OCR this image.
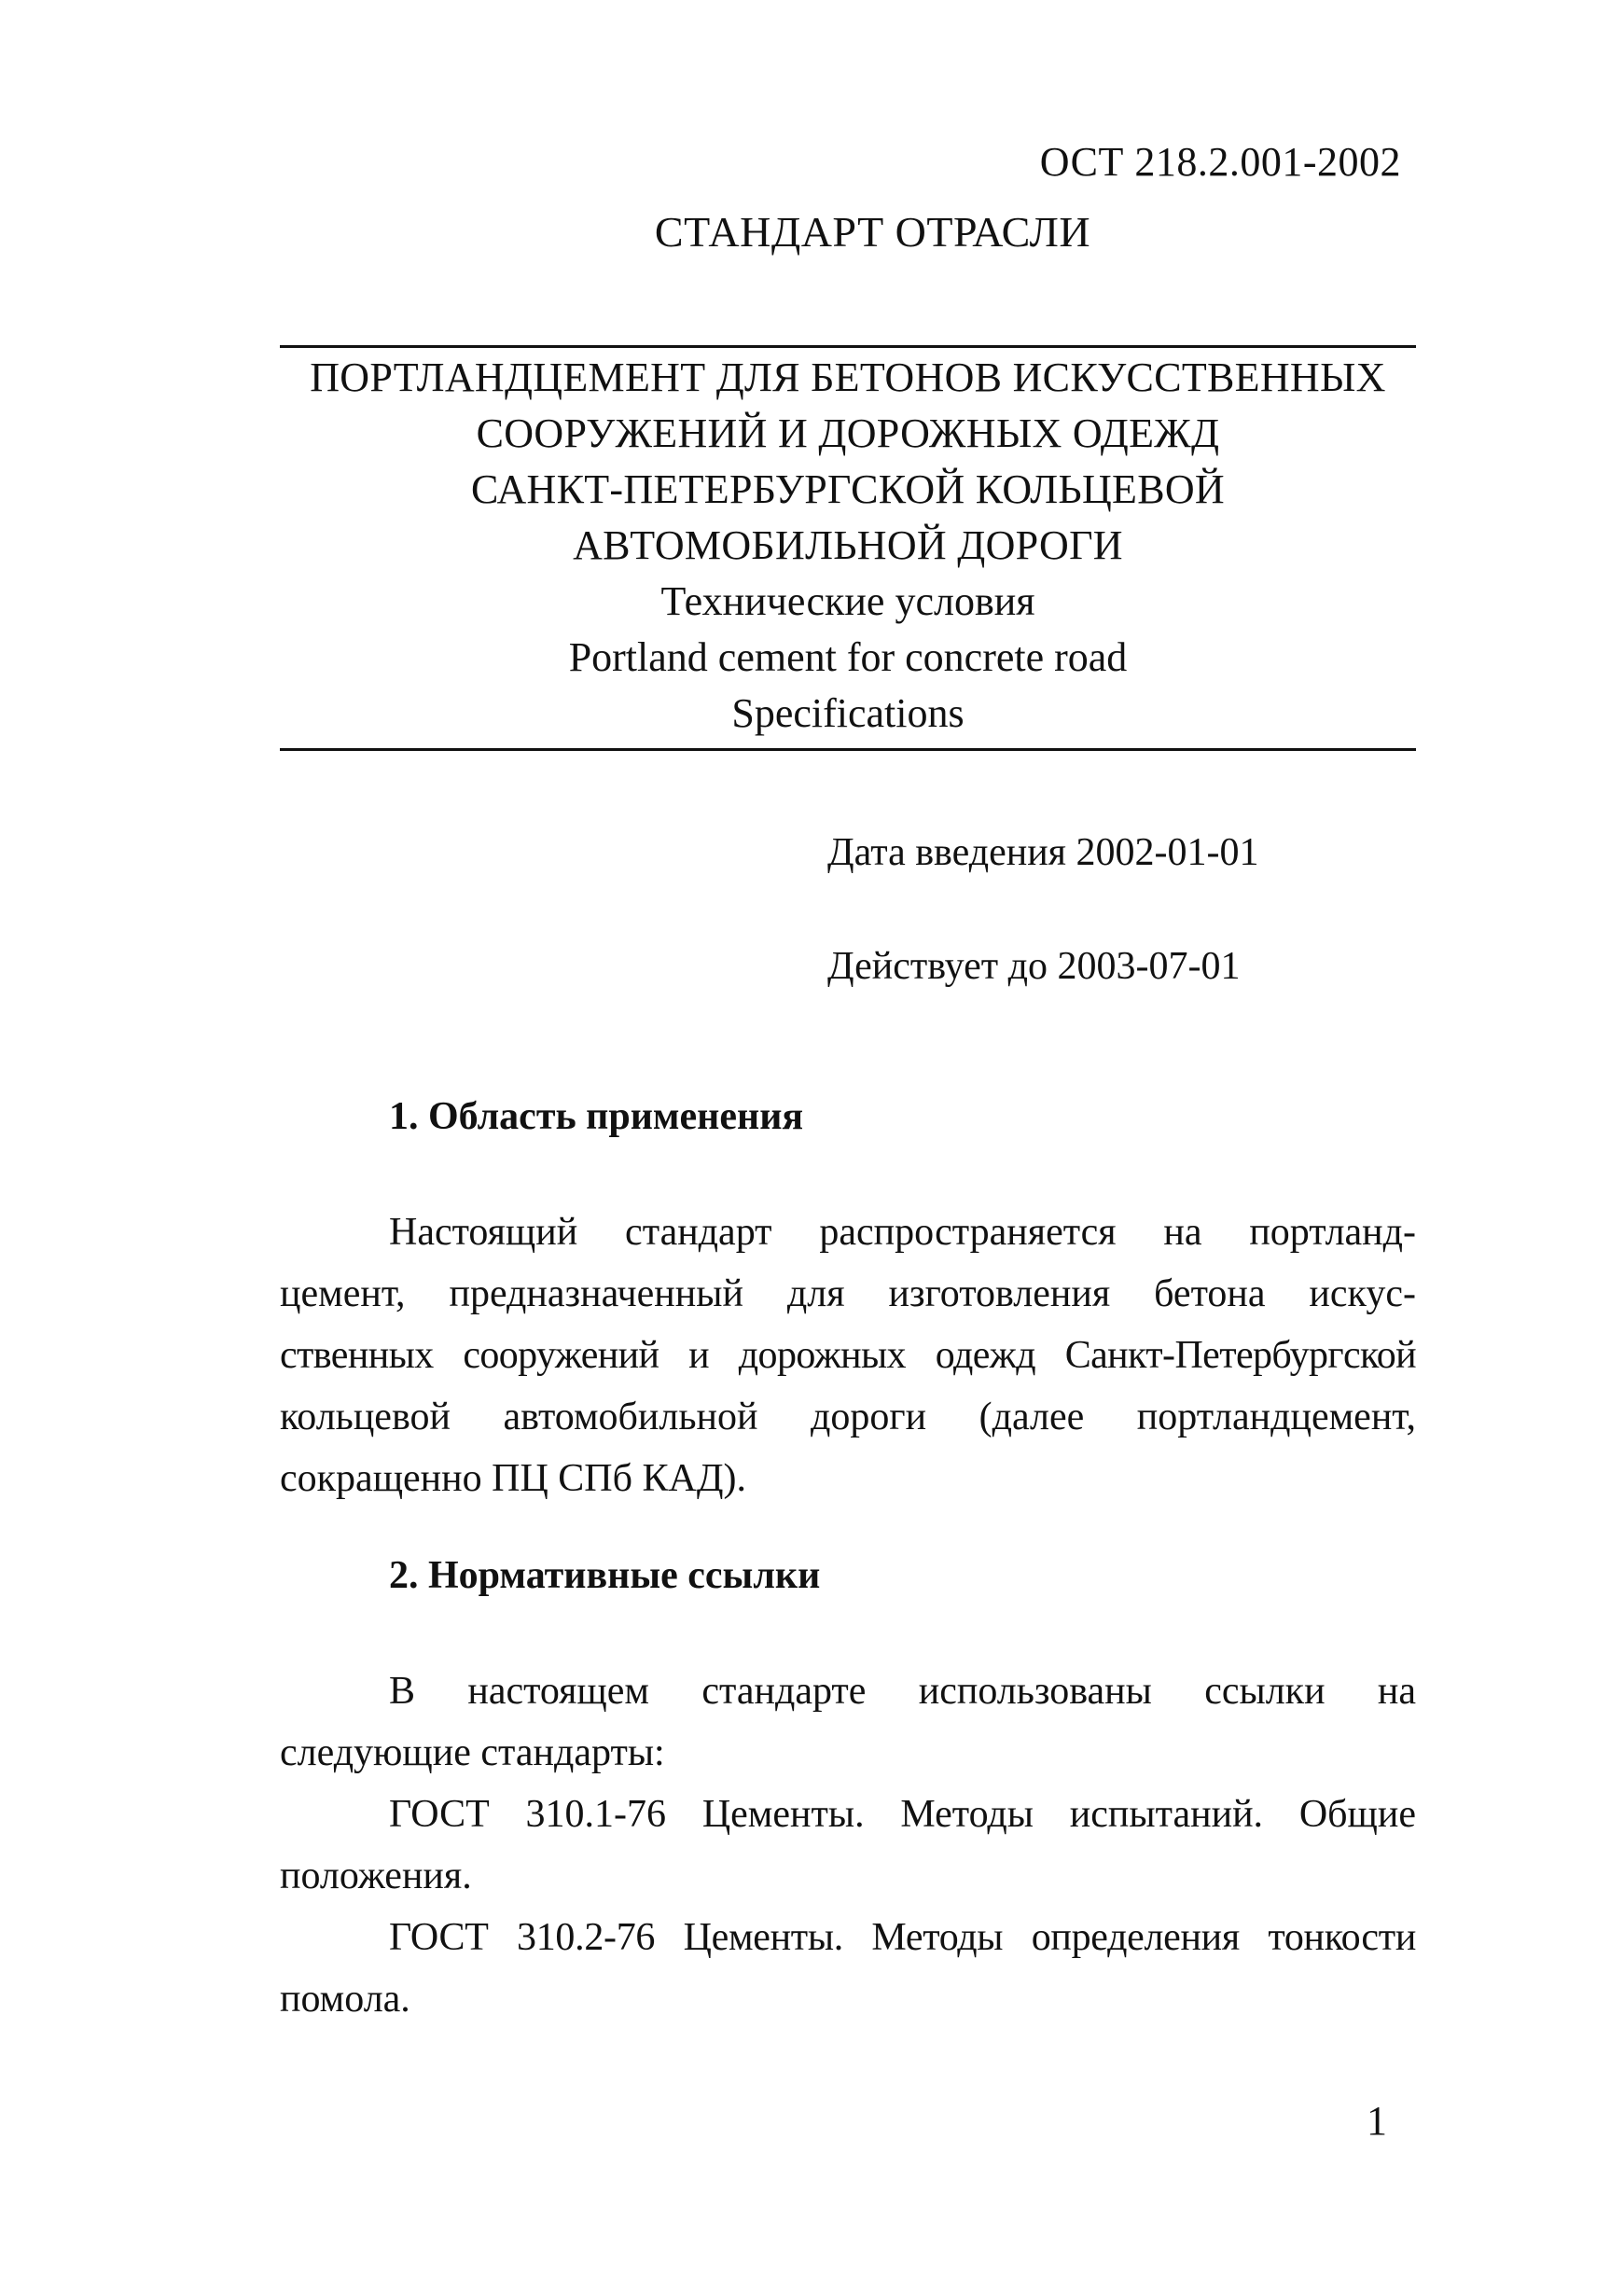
ОСТ 218.2.001-2002
СТАНДАРТ ОТРАСЛИ
ПОРТЛАНДЦЕМЕНТ ДЛЯ БЕТОНОВ ИСКУССТВЕННЫХ
СООРУЖЕНИЙ И ДОРОЖНЫХ ОДЕЖД
САНКТ-ПЕТЕРБУРГСКОЙ КОЛЬЦЕВОЙ
АВТОМОБИЛЬНОЙ ДОРОГИ
Технические условия
Portland cement for concrete road
Specifications
Дата введения 2002-01-01
Действует до 2003-07-01
1. Область применения
Настоящий стандарт распространяется на портланд-
цемент, предназначенный для изготовления бетона искус-
ственных сооружений и дорожных одежд Санкт-Петербургской
кольцевой автомобильной дороги (далее портландцемент,
сокращенно ПЦ СПб КАД).
2. Нормативные ссылки
В настоящем стандарте использованы ссылки на
следующие стандарты:
ГОСТ 310.1-76 Цементы. Методы испытаний. Общие
положения.
ГОСТ 310.2-76 Цементы. Методы определения тонкости
помола.
1
